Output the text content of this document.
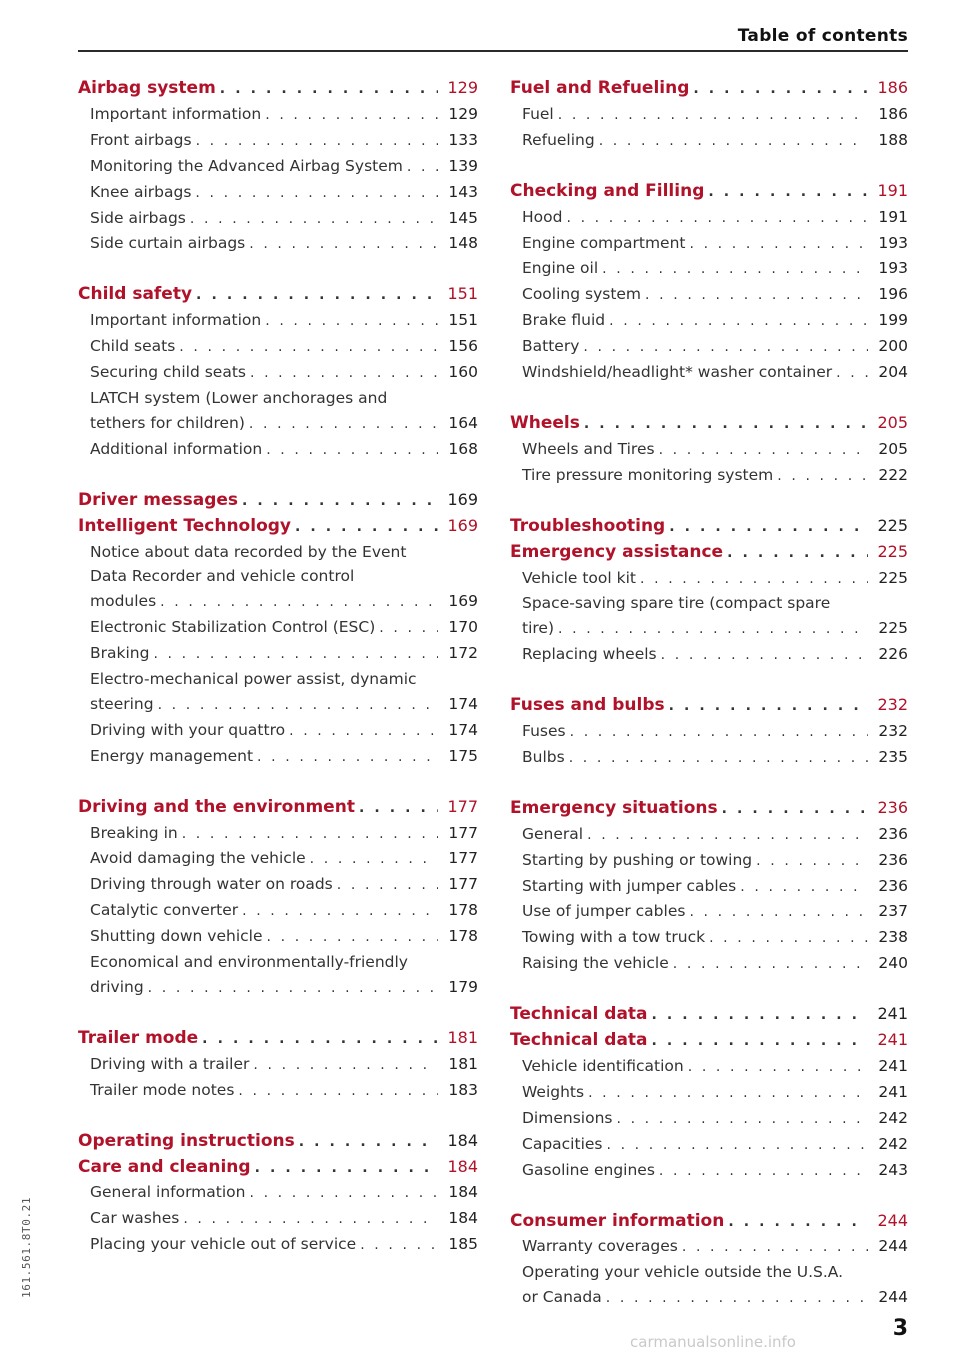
Table of contents
Airbag system . . .	129
Important information . . .	129
Front airbags . . .	133
Monitoring the Advanced Airbag System . . .	139
Knee airbags . . .	143
Side airbags . . .	145
Side curtain airbags . . .	148
Child safety . . .	151
Important information . . .	151
Child seats . . .	156
Securing child seats . . .	160
LATCH system (Lower anchorages and
tethers for children) . . .	164
Additional information . . .	168
Driver messages . . .	169
Intelligent Technology . . .	169
Notice about data recorded by the Event
Data Recorder and vehicle control
modules . . .	169
Electronic Stabilization Control (ESC) . . .	170
Braking . . .	172
Electro-mechanical power assist, dynamic
steering . . .	174
Driving with your quattro . . .	174
Energy management . . .	175
Driving and the environment . . .	177
Breaking in . . .	177
Avoid damaging the vehicle . . .	177
Driving through water on roads . . .	177
Catalytic converter . . .	178
Shutting down vehicle . . .	178
Economical and environmentally-friendly
driving . . .	179
Trailer mode . . .	181
Driving with a trailer . . .	181
Trailer mode notes . . .	183
Operating instructions . . .	184
Care and cleaning . . .	184
General information . . .	184
Car washes . . .	184
Placing your vehicle out of service . . .	185
Fuel and Refueling . . .	186
Fuel . . .	186
Refueling . . .	188
Checking and Filling . . .	191
Hood . . .	191
Engine compartment . . .	193
Engine oil . . .	193
Cooling system . . .	196
Brake fluid . . .	199
Battery . . .	200
Windshield/headlight* washer container . . .	204
Wheels . . .	205
Wheels and Tires . . .	205
Tire pressure monitoring system . . .	222
Troubleshooting . . .	225
Emergency assistance . . .	225
Vehicle tool kit . . .	225
Space-saving spare tire (compact spare
tire) . . .	225
Replacing wheels . . .	226
Fuses and bulbs . . .	232
Fuses . . .	232
Bulbs . . .	235
Emergency situations . . .	236
General . . .	236
Starting by pushing or towing . . .	236
Starting with jumper cables . . .	236
Use of jumper cables . . .	237
Towing with a tow truck . . .	238
Raising the vehicle . . .	240
Technical data . . .	241
Technical data . . .	241
Vehicle identification . . .	241
Weights . . .	241
Dimensions . . .	242
Capacities . . .	242
Gasoline engines . . .	243
Consumer information . . .	244
Warranty coverages . . .	244
Operating your vehicle outside the U.S.A.
or Canada . . .	244
161.561.8T0.21
3
carmanualsonline.info
